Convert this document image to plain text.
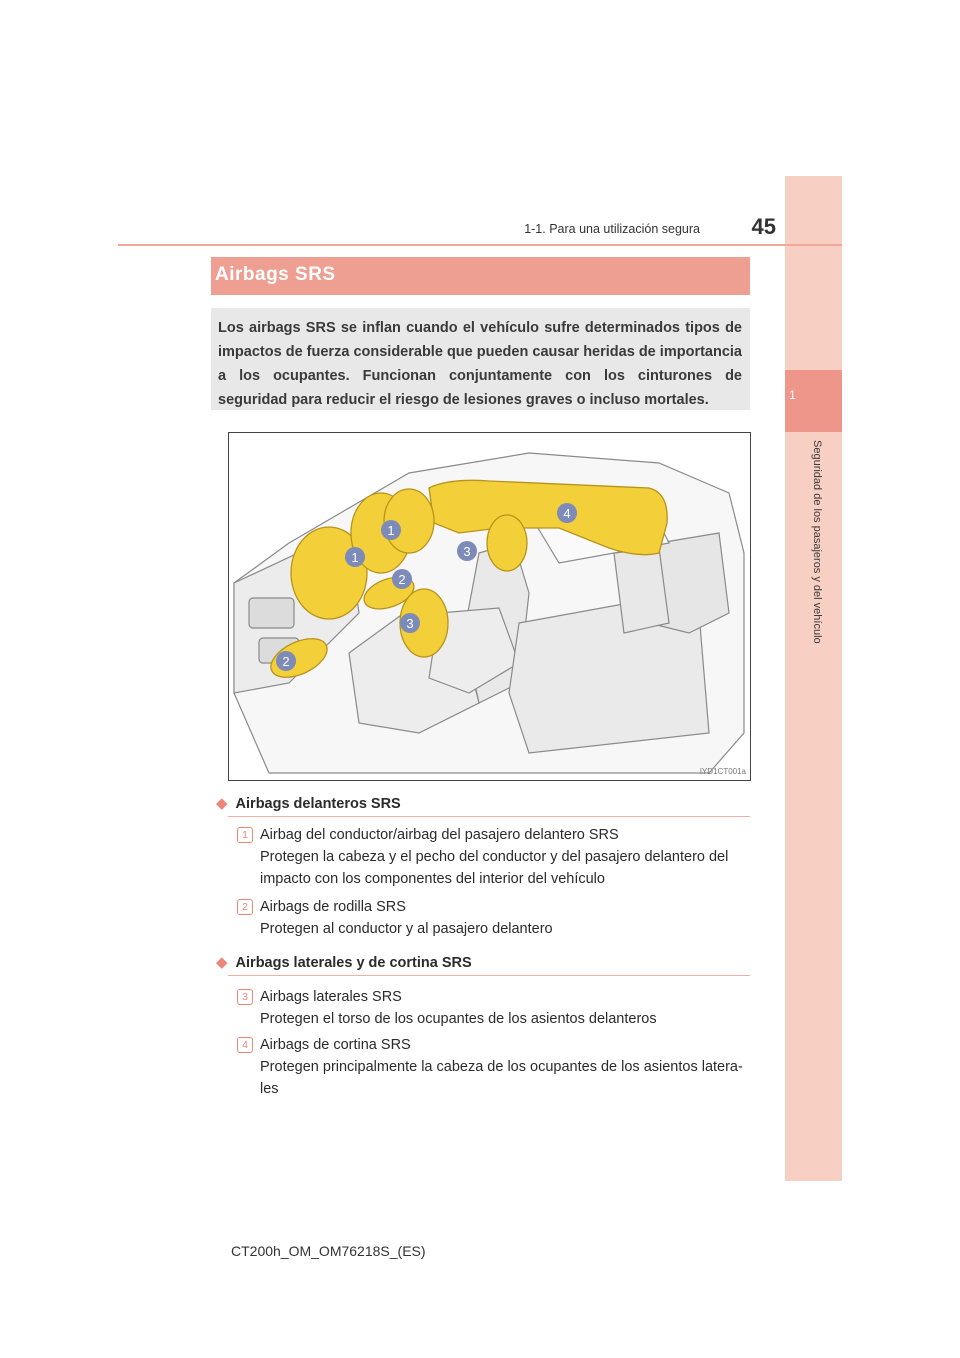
1
Seguridad de los pasajeros y del vehículo
1-1. Para una utilización segura	45
Airbags SRS
Los airbags SRS se inflan cuando el vehículo sufre determinados tipos de impactos de fuerza considerable que pueden causar heridas de importancia a los ocupantes. Funcionan conjuntamente con los cinturones de seguridad para reducir el riesgo de lesiones graves o incluso mortales.
1
1
2
2
3
3
4
IYD1CT001a
◆ Airbags delanteros SRS
1 Airbag del conductor/airbag del pasajero delantero SRS
Protegen la cabeza y el pecho del conductor y del pasajero delantero del impacto con los componentes del interior del vehículo
2 Airbags de rodilla SRS
Protegen al conductor y al pasajero delantero
◆ Airbags laterales y de cortina SRS
3 Airbags laterales SRS
Protegen el torso de los ocupantes de los asientos delanteros
4 Airbags de cortina SRS
Protegen principalmente la cabeza de los ocupantes de los asientos latera-les
CT200h_OM_OM76218S_(ES)
